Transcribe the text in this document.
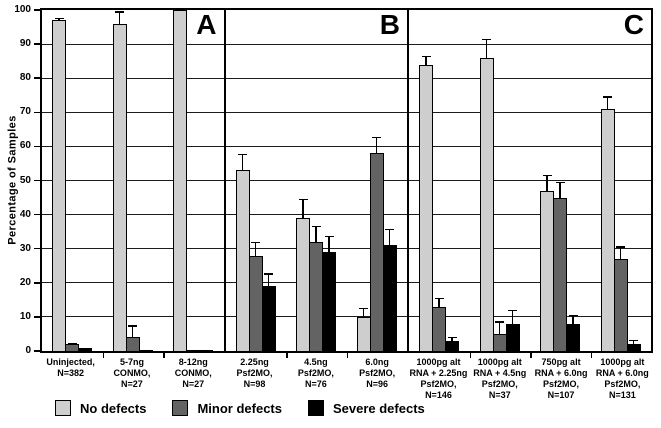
0
10
20
30
40
50
60
70
80
90
100
Percentage of Samples
A	B	C
Uninjected,
N=382
5-7ng
CONMO,
N=27
8-12ng
CONMO,
N=27
2.25ng
Psf2MO,
N=98
4.5ng
Psf2MO,
N=76
6.0ng
Psf2MO,
N=96
1000pg alt
RNA + 2.25ng
Psf2MO,
N=146
1000pg alt
RNA + 4.5ng
Psf2MO,
N=37
750pg alt
RNA + 6.0ng
Psf2MO,
N=107
1000pg alt
RNA + 6.0ng
Psf2MO,
N=131
No defects	Minor defects	Severe defects
